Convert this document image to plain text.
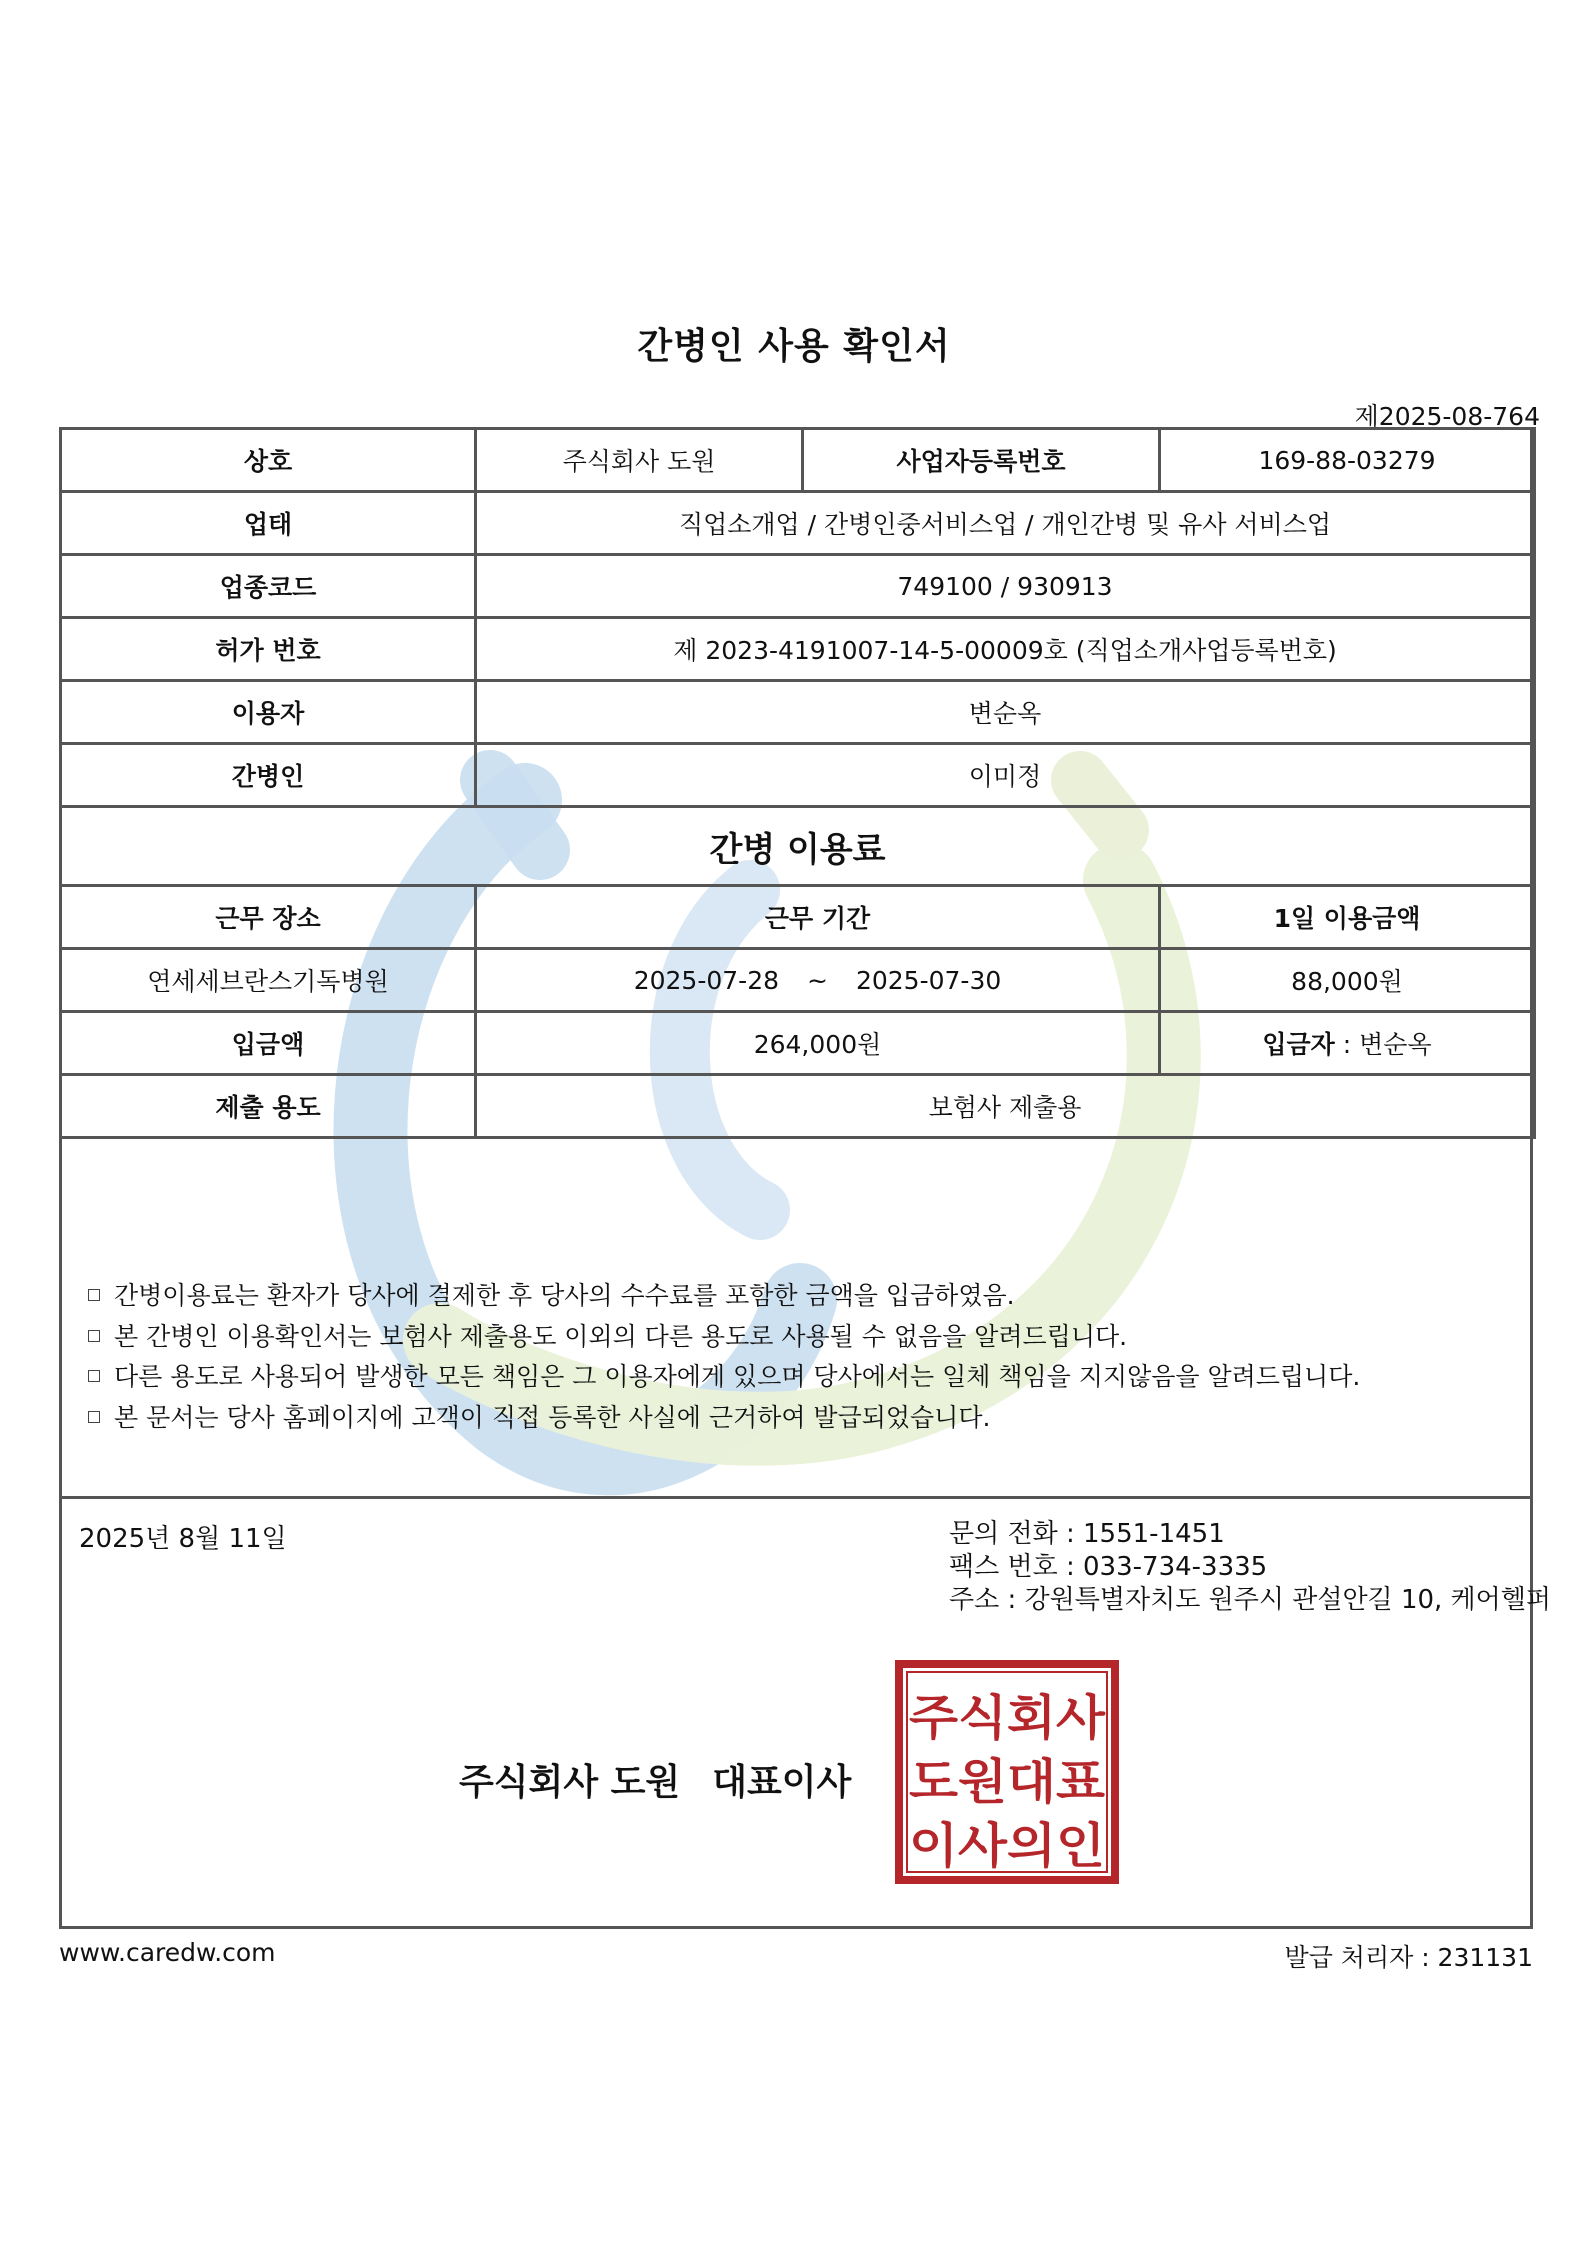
간병인 사용 확인서
제2025-08-764
상호	주식회사 도원	사업자등록번호	169-88-03279
업태	직업소개업 / 간병인중서비스업 / 개인간병 및 유사 서비스업		
업종코드	749100 / 930913		
허가 번호	제 2023-4191007-14-5-00009호 (직업소개사업등록번호)		
이용자	변순옥		
간병인	이미정		
간병 이용료			
근무 장소	근무 기간		1일 이용금액
연세세브란스기독병원	2025-07-28 ~ 2025-07-30		88,000원
입금액	264,000원		입금자 : 변순옥
제출 용도	보험사 제출용		
간병이용료는 환자가 당사에 결제한 후 당사의 수수료를 포함한 금액을 입금하였음.
본 간병인 이용확인서는 보험사 제출용도 이외의 다른 용도로 사용될 수 없음을 알려드립니다.
다른 용도로 사용되어 발생한 모든 책임은 그 이용자에게 있으며 당사에서는 일체 책임을 지지않음을 알려드립니다.
본 문서는 당사 홈페이지에 고객이 직접 등록한 사실에 근거하여 발급되었습니다.
2025년 8월 11일	문의 전화 : 1551-1451
팩스 번호 : 033-734-3335
주소 : 강원특별자치도 원주시 관설안길 10, 케어헬퍼
주식회사 도원 대표이사
주식회사
도원대표
이사의인
www.caredw.com	발급 처리자 : 231131
